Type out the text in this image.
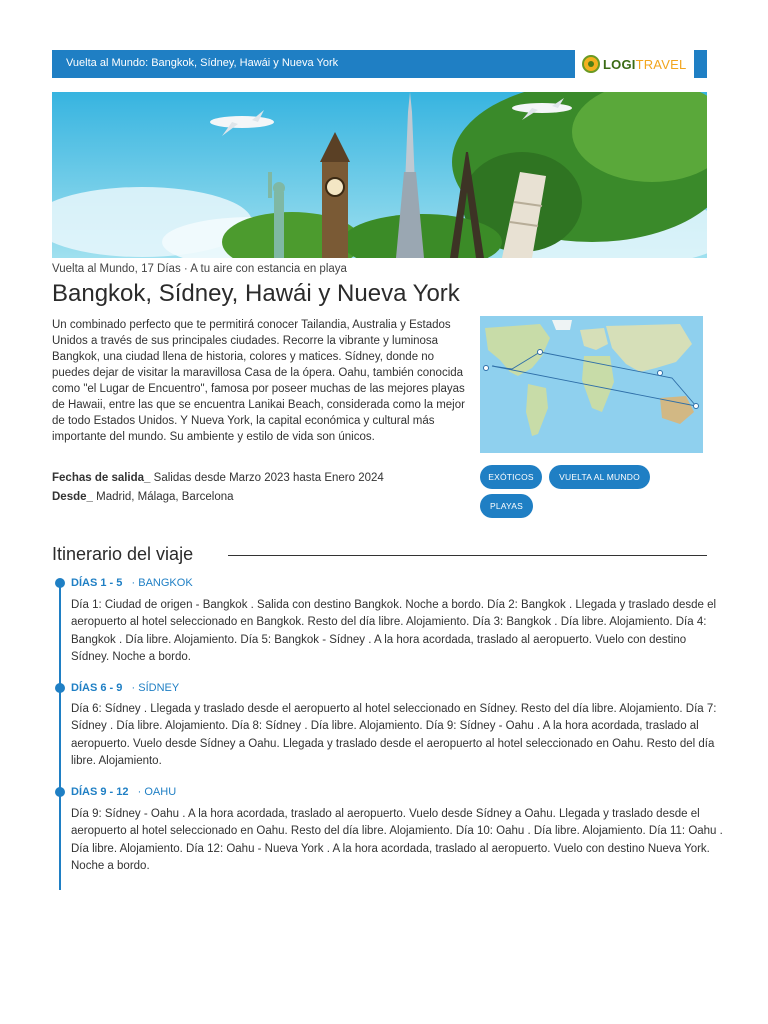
Vuelta al Mundo: Bangkok, Sídney, Hawái y Nueva York	LOGI TRAVEL
Vuelta al Mundo, 17 Días · A tu aire con estancia en playa
Bangkok, Sídney, Hawái y Nueva York
Un combinado perfecto que te permitirá conocer Tailandia, Australia y Estados Unidos a través de sus principales ciudades. Recorre la vibrante y luminosa Bangkok, una ciudad llena de historia, colores y matices. Sídney, donde no puedes dejar de visitar la maravillosa Casa de la ópera. Oahu, también conocida como "el Lugar de Encuentro", famosa por poseer muchas de las mejores playas de Hawaii, entre las que se encuentra Lanikai Beach, considerada como la mejor de todo Estados Unidos. Y Nueva York, la capital económica y cultural más importante del mundo. Su ambiente y estilo de vida son únicos.
Fechas de salida_ Salidas desde Marzo 2023 hasta Enero 2024
Desde_ Madrid, Málaga, Barcelona
EXÓTICOS	VUELTA AL MUNDO
PLAYAS
Itinerario del viaje
DÍAS 1 - 5 · BANGKOK
Día 1: Ciudad de origen - Bangkok . Salida con destino Bangkok. Noche a bordo. Día 2: Bangkok . Llegada y traslado desde el aeropuerto al hotel seleccionado en Bangkok. Resto del día libre. Alojamiento. Día 3: Bangkok . Día libre. Alojamiento. Día 4: Bangkok . Día libre. Alojamiento. Día 5: Bangkok - Sídney . A la hora acordada, traslado al aeropuerto. Vuelo con destino Sídney. Noche a bordo.
DÍAS 6 - 9 · SÍDNEY
Día 6: Sídney . Llegada y traslado desde el aeropuerto al hotel seleccionado en Sídney. Resto del día libre. Alojamiento. Día 7: Sídney . Día libre. Alojamiento. Día 8: Sídney . Día libre. Alojamiento. Día 9: Sídney - Oahu . A la hora acordada, traslado al aeropuerto. Vuelo desde Sídney a Oahu. Llegada y traslado desde el aeropuerto al hotel seleccionado en Oahu. Resto del día libre. Alojamiento.
DÍAS 9 - 12 · OAHU
Día 9: Sídney - Oahu . A la hora acordada, traslado al aeropuerto. Vuelo desde Sídney a Oahu. Llegada y traslado desde el aeropuerto al hotel seleccionado en Oahu. Resto del día libre. Alojamiento. Día 10: Oahu . Día libre. Alojamiento. Día 11: Oahu . Día libre. Alojamiento. Día 12: Oahu - Nueva York . A la hora acordada, traslado al aeropuerto. Vuelo con destino Nueva York. Noche a bordo.
